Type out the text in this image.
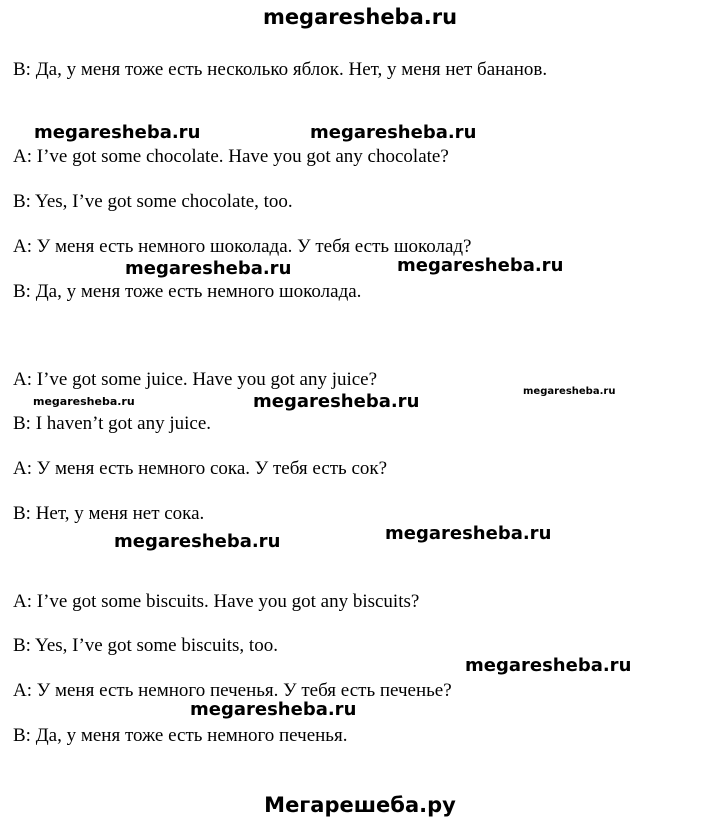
megaresheba.ru
B: Да, у меня тоже есть несколько яблок. Нет, у меня нет бананов.
A: I’ve got some chocolate. Have you got any chocolate?
B: Yes, I’ve got some chocolate, too.
A: У меня есть немного шоколада. У тебя есть шоколад?
B: Да, у меня тоже есть немного шоколада.
A: I’ve got some juice. Have you got any juice?
B: I haven’t got any juice.
A: У меня есть немного сока. У тебя есть сок?
B: Нет, у меня нет сока.
A: I’ve got some biscuits. Have you got any biscuits?
B: Yes, I’ve got some biscuits, too.
A: У меня есть немного печенья. У тебя есть печенье?
B: Да, у меня тоже есть немного печенья.
megaresheba.ru	megaresheba.ru
megaresheba.ru	megaresheba.ru
megaresheba.ru	megaresheba.ru	megaresheba.ru
megaresheba.ru	megaresheba.ru
megaresheba.ru
megaresheba.ru
Мегарешеба.ру
